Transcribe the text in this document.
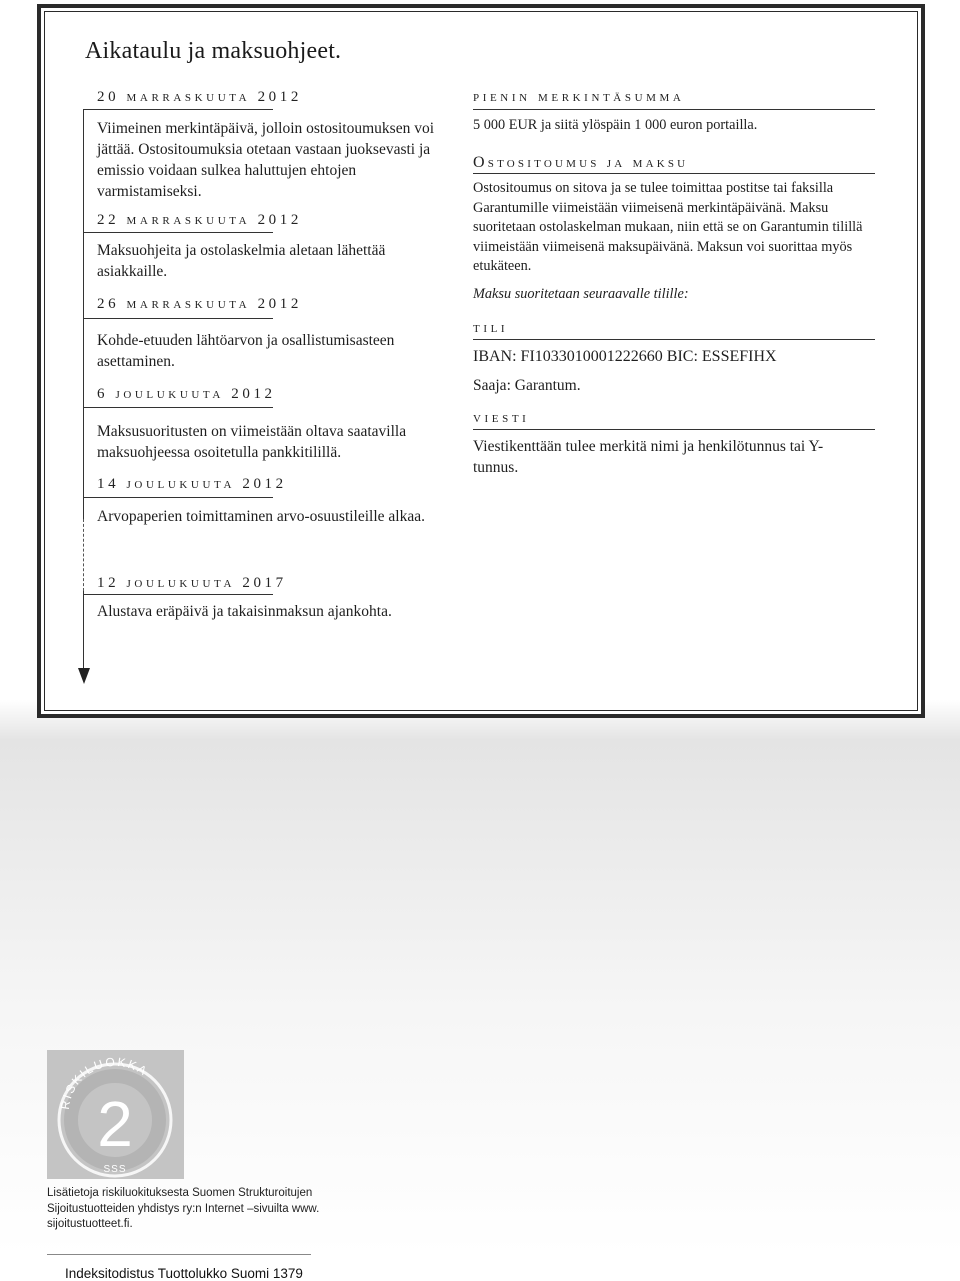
Aikataulu ja maksuohjeet.
20 marraskuuta 2012
Viimeinen merkintäpäivä, jolloin ostositoumuksen voi jättää. Ostositoumuksia otetaan vastaan juoksevasti ja emissio voidaan sulkea haluttujen ehtojen varmistamiseksi.
22 marraskuuta 2012
Maksuohjeita ja ostolaskelmia aletaan lähettää asiakkaille.
26 marraskuuta 2012
Kohde-etuuden lähtöarvon ja osallistumisasteen asettaminen.
6 joulukuuta 2012
Maksusuoritusten on viimeistään oltava saatavilla maksuohjeessa osoitetulla pankkitilillä.
14 joulukuuta 2012
Arvopaperien toimittaminen arvo-osuustileille alkaa.
12 joulukuuta 2017
Alustava eräpäivä ja takaisinmaksun ajankohta.
pienin merkintäsumma
5 000 EUR ja siitä ylöspäin 1 000 euron portailla.
Ostositoumus ja maksu
Ostositoumus on sitova ja se tulee toimittaa postitse tai faksilla Garantumille viimeistään viimeisenä merkintäpäivänä. Maksu suoritetaan ostolaskelman mukaan, niin että se on Garantumin tilillä viimeistään viimeisenä maksupäivänä. Maksun voi suorittaa myös etukäteen.
Maksu suoritetaan seuraavalle tilille:
tili
IBAN: FI1033010001222660 BIC: ESSEFIHX
Saaja: Garantum.
viesti
Viestikenttään tulee merkitä nimi ja henkilötunnus tai Y-tunnus.
RISKILUOKKA
2
SSS
Lisätietoja riskiluokituksesta Suomen Strukturoitujen Sijoitustuotteiden yhdistys ry:n Internet –sivuilta www. sijoitustuotteet.fi.
Indeksitodistus Tuottolukko Suomi 1379
